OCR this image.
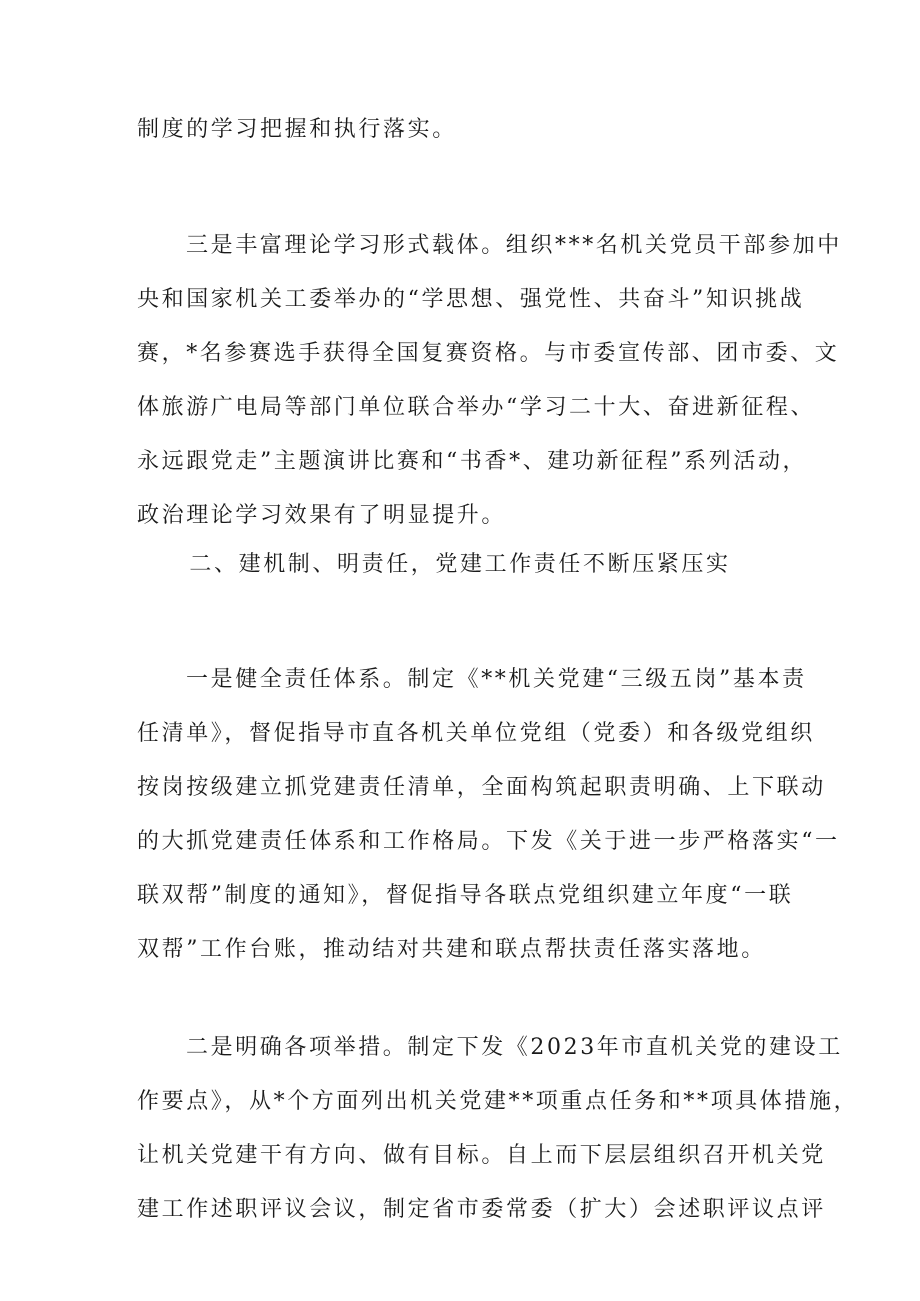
制度的学习把握和执行落实。
三是丰富理论学习形式载体。组织***名机关党员干部参加中
央和国家机关工委举办的“学思想、强党性、共奋斗”知识挑战
赛，*名参赛选手获得全国复赛资格。与市委宣传部、团市委、文
体旅游广电局等部门单位联合举办“学习二十大、奋进新征程、
永远跟党走”主题演讲比赛和“书香*、建功新征程”系列活动，
政治理论学习效果有了明显提升。
二、建机制、明责任，党建工作责任不断压紧压实
一是健全责任体系。制定《**机关党建“三级五岗”基本责
任清单》，督促指导市直各机关单位党组（党委）和各级党组织
按岗按级建立抓党建责任清单，全面构筑起职责明确、上下联动
的大抓党建责任体系和工作格局。下发《关于进一步严格落实“一
联双帮”制度的通知》，督促指导各联点党组织建立年度“一联
双帮”工作台账，推动结对共建和联点帮扶责任落实落地。
二是明确各项举措。制定下发《2023年市直机关党的建设工
作要点》，从*个方面列出机关党建**项重点任务和**项具体措施，
让机关党建干有方向、做有目标。自上而下层层组织召开机关党
建工作述职评议会议，制定省市委常委（扩大）会述职评议点评
